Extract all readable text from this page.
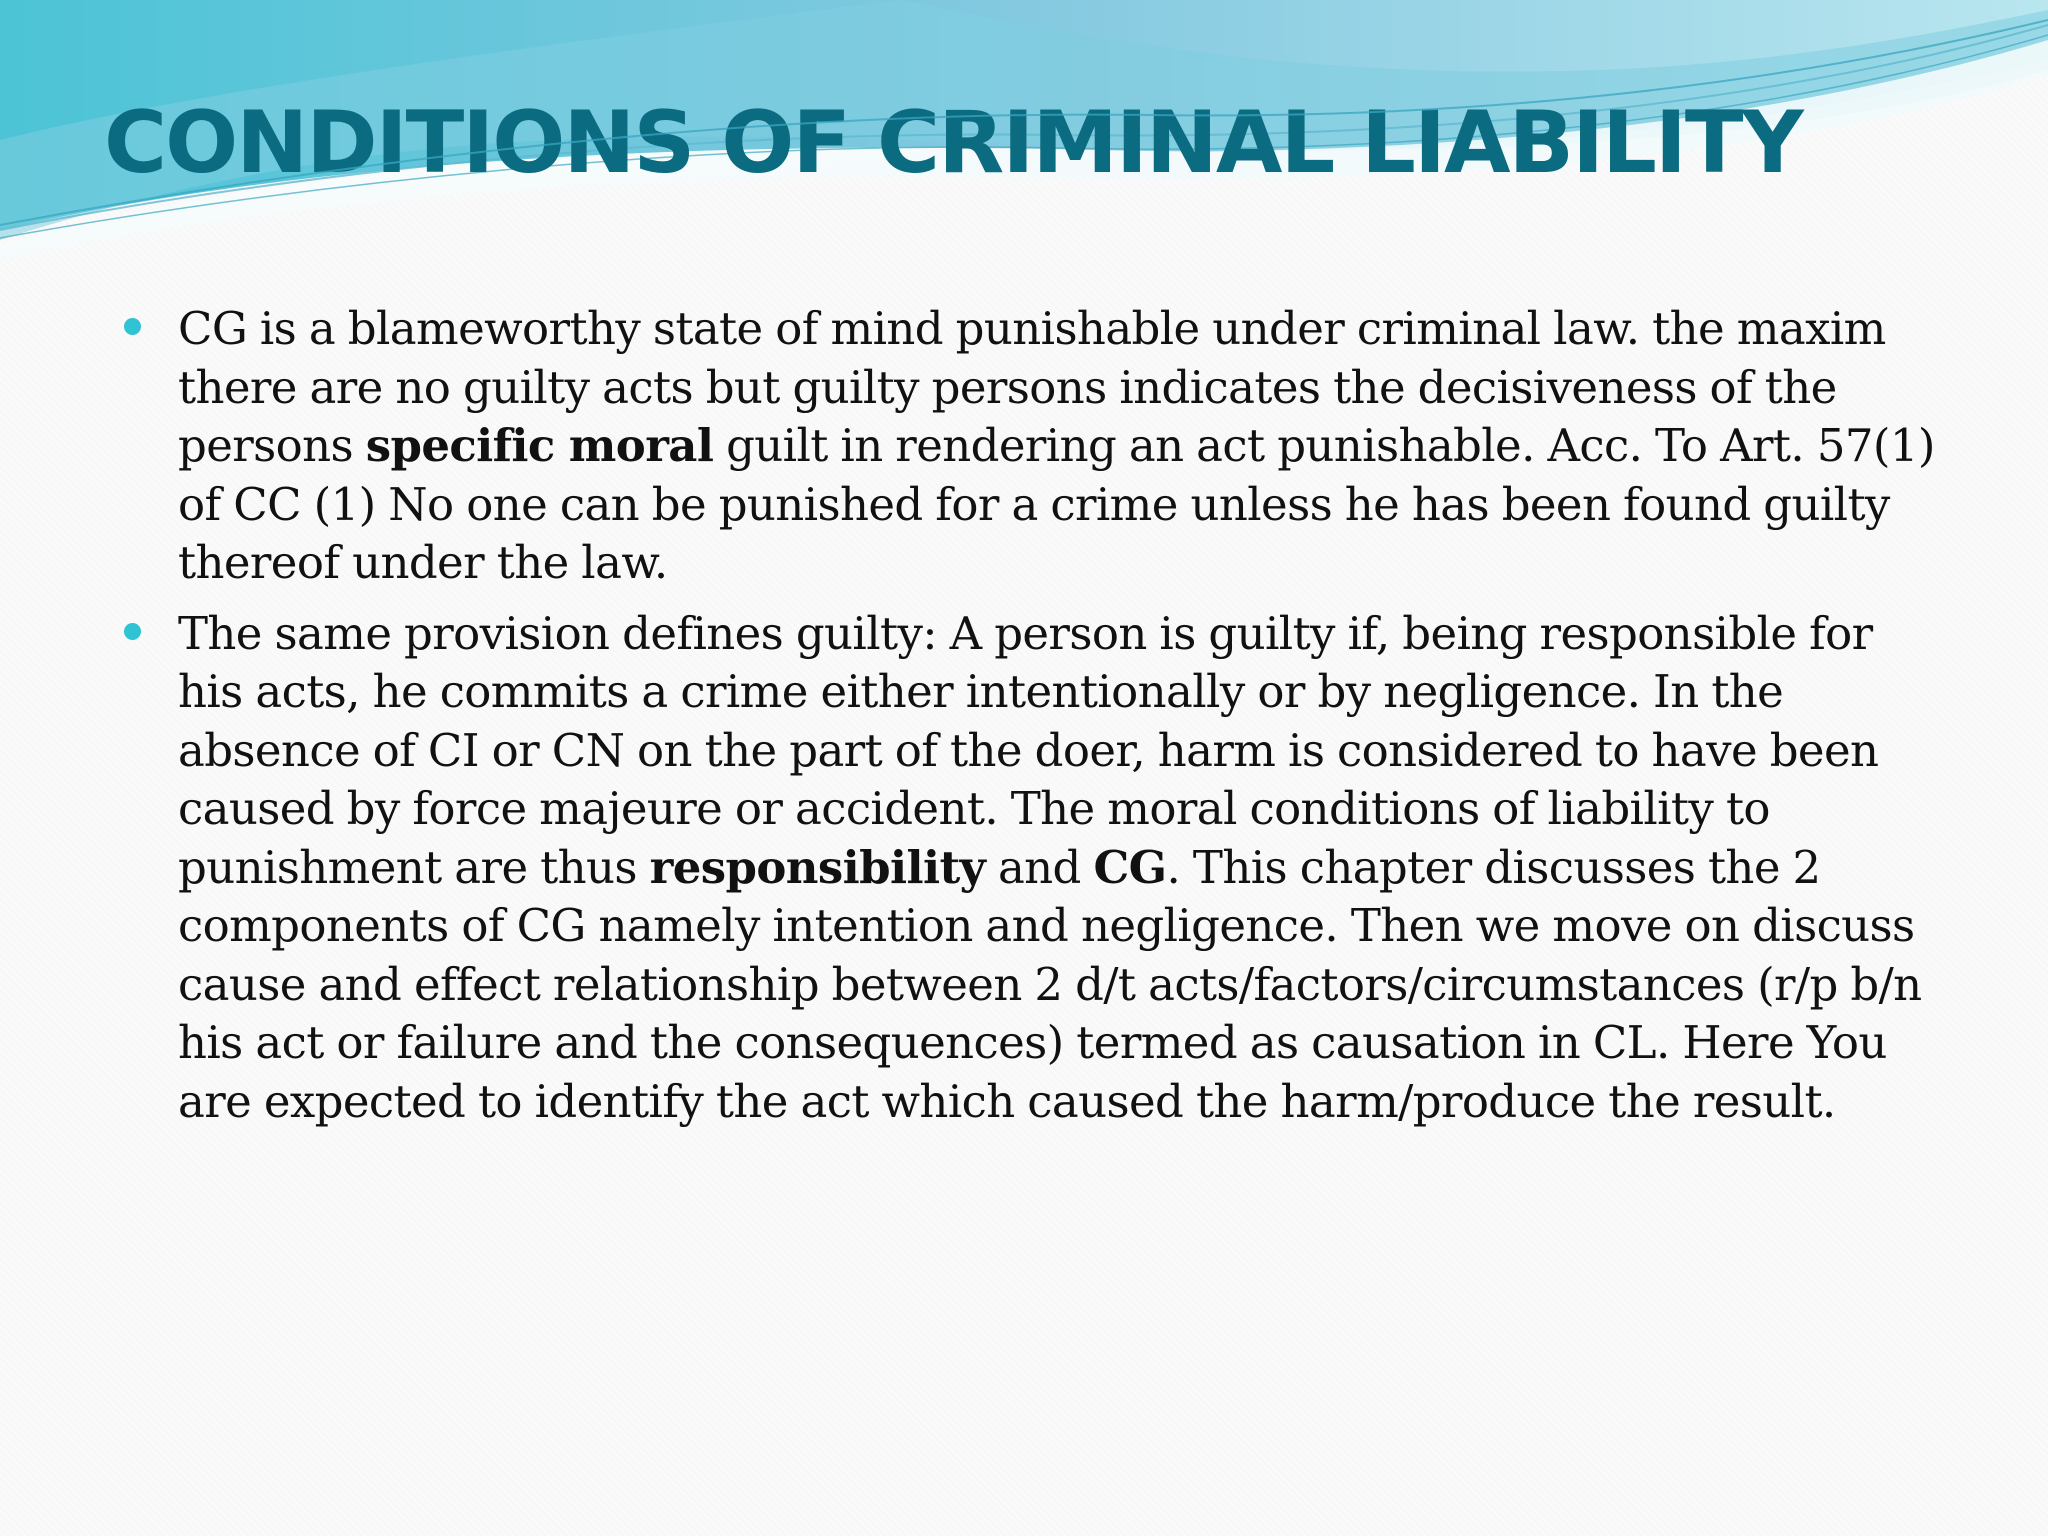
CONDITIONS OF CRIMINAL LIABILITY
CG is a blameworthy state of mind punishable under criminal law. the maxim there are no guilty acts but guilty persons indicates the decisiveness of the persons specific moral guilt in rendering an act punishable. Acc. To Art. 57(1) of CC (1) No one can be punished for a crime unless he has been found guilty thereof under the law.
The same provision defines guilty: A person is guilty if, being responsible for his acts, he commits a crime either intentionally or by negligence. In the absence of CI or CN on the part of the doer, harm is considered to have been caused by force majeure or accident. The moral conditions of liability to punishment are thus responsibility and CG. This chapter discusses the 2 components of CG namely intention and negligence. Then we move on discuss cause and effect relationship between 2 d/t acts/factors/circumstances (r/p b/n his act or failure and the consequences) termed as causation in CL. Here You are expected to identify the act which caused the harm/produce the result.
